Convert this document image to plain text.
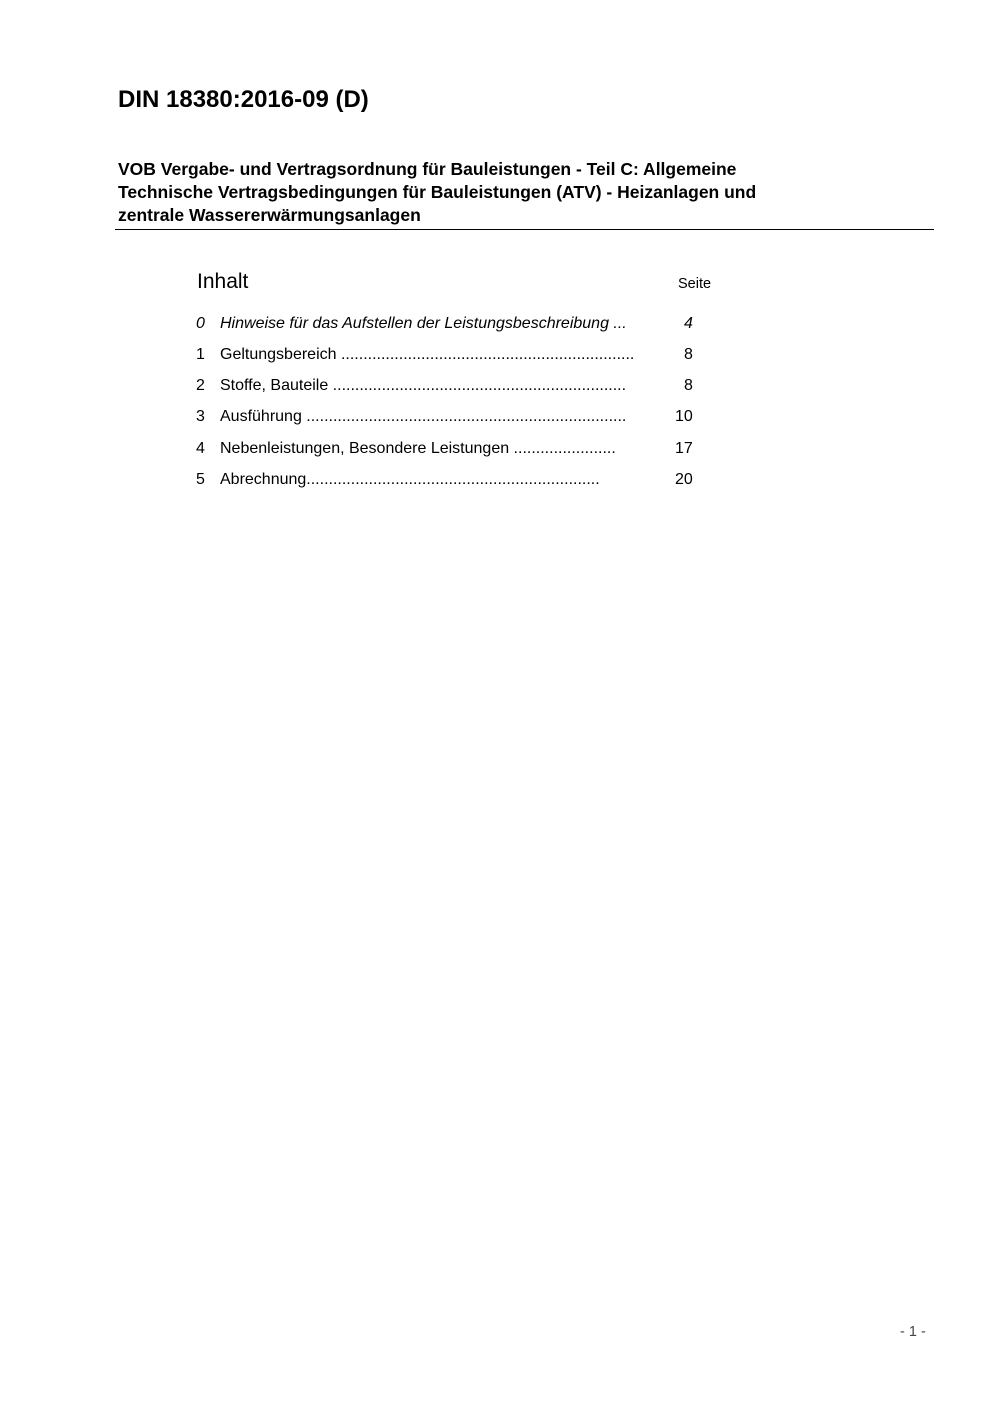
DIN 18380:2016-09 (D)
VOB Vergabe- und Vertragsordnung für Bauleistungen - Teil C: Allgemeine
Technische Vertragsbedingungen für Bauleistungen (ATV) - Heizanlagen und
zentrale Wassererwärmungsanlagen
Inhalt	Seite
0 Hinweise für das Aufstellen der Leistungsbeschreibung ...	4
1 Geltungsbereich ..................................................................	8
2 Stoffe, Bauteile ..................................................................	8
3 Ausführung ........................................................................	10
4 Nebenleistungen, Besondere Leistungen .......................	17
5 Abrechnung..................................................................	20
- 1 -
